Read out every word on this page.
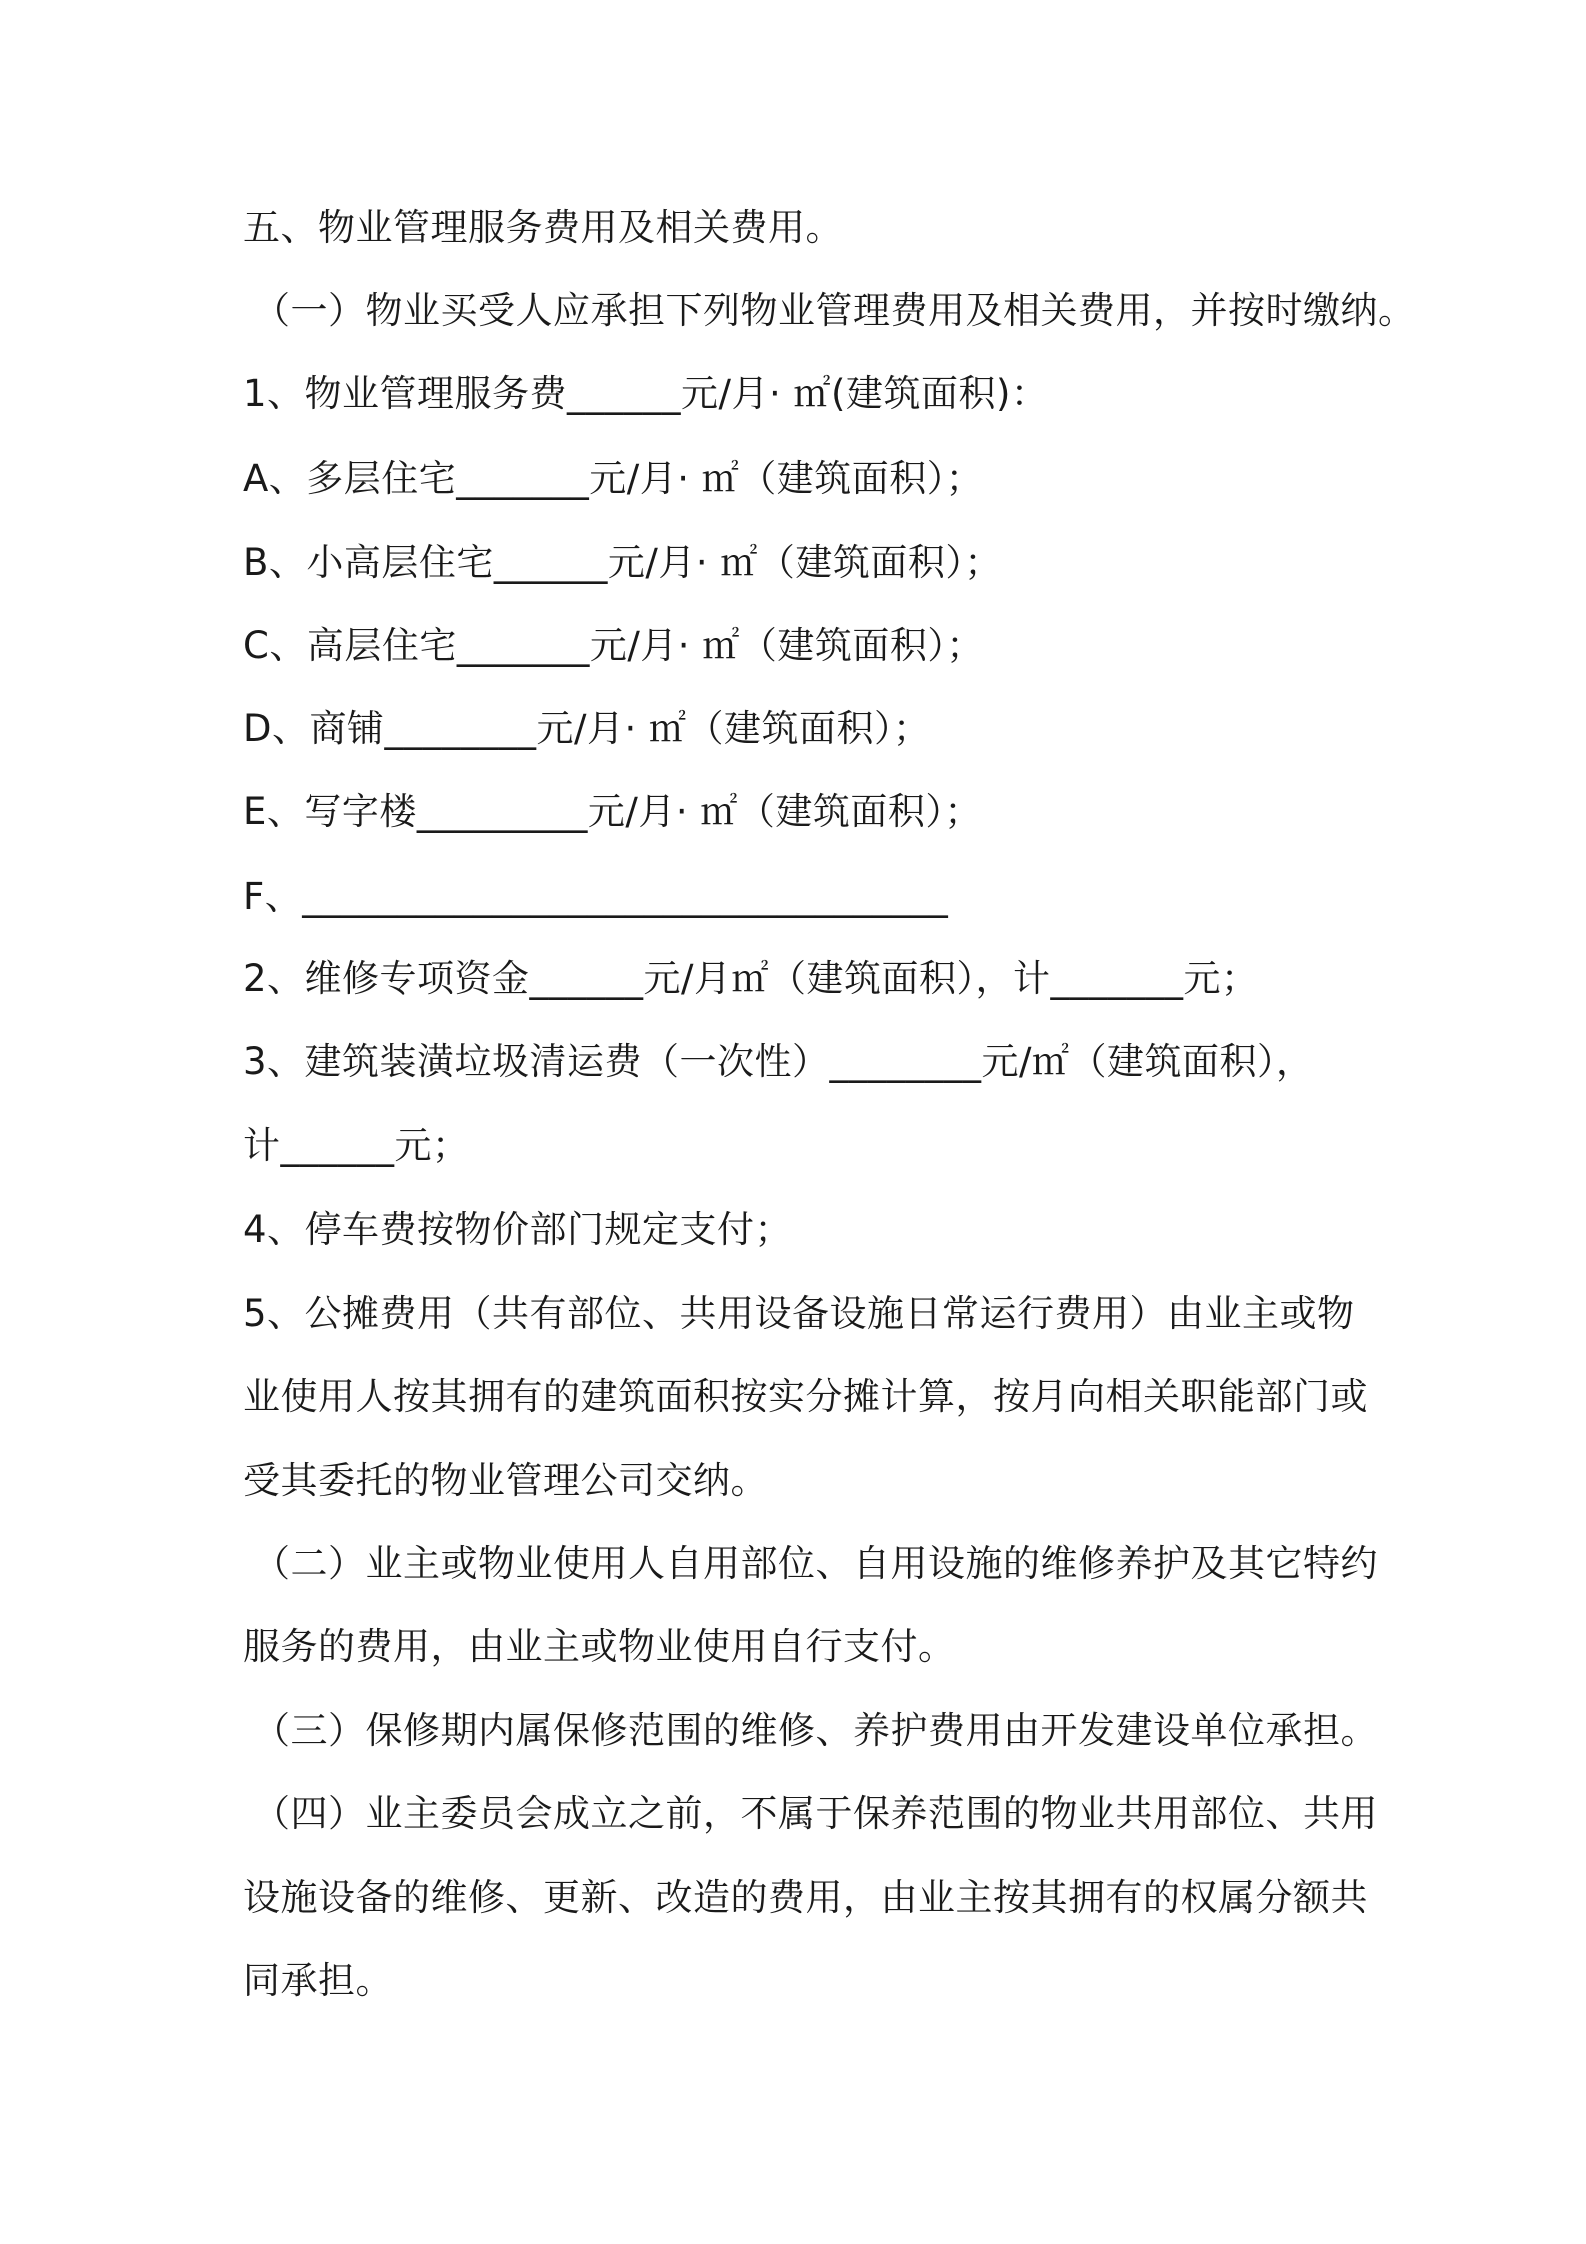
五、物业管理服务费用及相关费用。

（一）物业买受人应承担下列物业管理费用及相关费用，并按时缴纳。

1、物业管理服务费______元/月· ㎡(建筑面积)：

A、多层住宅_______元/月· ㎡（建筑面积）；

B、小高层住宅______元/月· ㎡（建筑面积）；

C、高层住宅_______元/月· ㎡（建筑面积）；

D、商铺________元/月· ㎡（建筑面积）；

E、写字楼_________元/月· ㎡（建筑面积）；

F、__________________________________

2、维修专项资金______元/月㎡（建筑面积），计_______元；

3、建筑装潢垃圾清运费（一次性）________元/㎡（建筑面积），

计______元；

4、停车费按物价部门规定支付；

5、公摊费用（共有部位、共用设备设施日常运行费用）由业主或物

业使用人按其拥有的建筑面积按实分摊计算，按月向相关职能部门或

受其委托的物业管理公司交纳。

（二）业主或物业使用人自用部位、自用设施的维修养护及其它特约

服务的费用，由业主或物业使用自行支付。

（三）保修期内属保修范围的维修、养护费用由开发建设单位承担。

（四）业主委员会成立之前，不属于保养范围的物业共用部位、共用

设施设备的维修、更新、改造的费用，由业主按其拥有的权属分额共

同承担。
